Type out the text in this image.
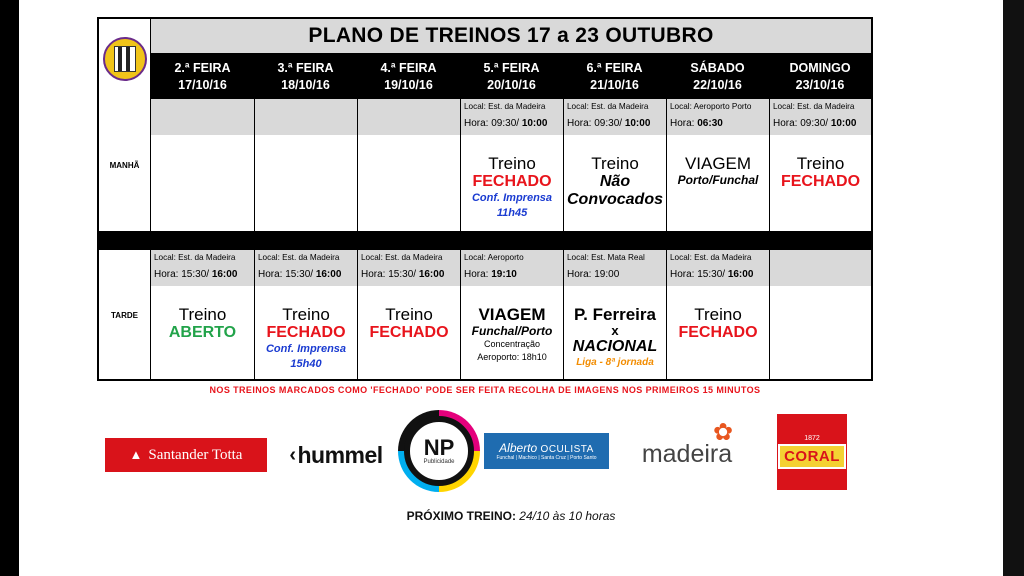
PLANO DE TREINOS 17 a 23 OUTUBRO
2.ª FEIRA
17/10/16
3.ª FEIRA
18/10/16
4.ª FEIRA
19/10/16
5.ª FEIRA
20/10/16
6.ª FEIRA
21/10/16
SÁBADO
22/10/16
DOMINGO
23/10/16
MANHÃ
Local: Est. da Madeira
Hora: 09:30/ 10:00
Treino
FECHADO
Conf. Imprensa
11h45
Local: Est. da Madeira
Hora: 09:30/ 10:00
Treino
Não
Convocados
Local: Aeroporto Porto
Hora: 06:30
VIAGEM
Porto/Funchal
Local: Est. da Madeira
Hora: 09:30/ 10:00
Treino
FECHADO
TARDE
Local: Est. da Madeira
Hora: 15:30/ 16:00
Treino
ABERTO
Local: Est. da Madeira
Hora: 15:30/ 16:00
Treino
FECHADO
Conf. Imprensa
15h40
Local: Est. da Madeira
Hora: 15:30/ 16:00
Treino
FECHADO
Local: Aeroporto
Hora: 19:10
VIAGEM
Funchal/Porto
Concentração
Aeroporto: 18h10
Local: Est. Mata Real
Hora: 19:00
P. Ferreira
x
NACIONAL
Liga - 8ª jornada
Local: Est. da Madeira
Hora: 15:30/ 16:00
Treino
FECHADO
NOS TREINOS MARCADOS COMO 'FECHADO' PODE SER FEITA RECOLHA DE IMAGENS NOS PRIMEIROS 15 MINUTOS
▲ Santander Totta ‹ hummel NP
Publicidade
Alberto OCULISTA
Funchal | Machico | Santa Cruz | Porto Santo madeira
✿	1872
CORAL
PRÓXIMO TREINO: 24/10 às 10 horas
